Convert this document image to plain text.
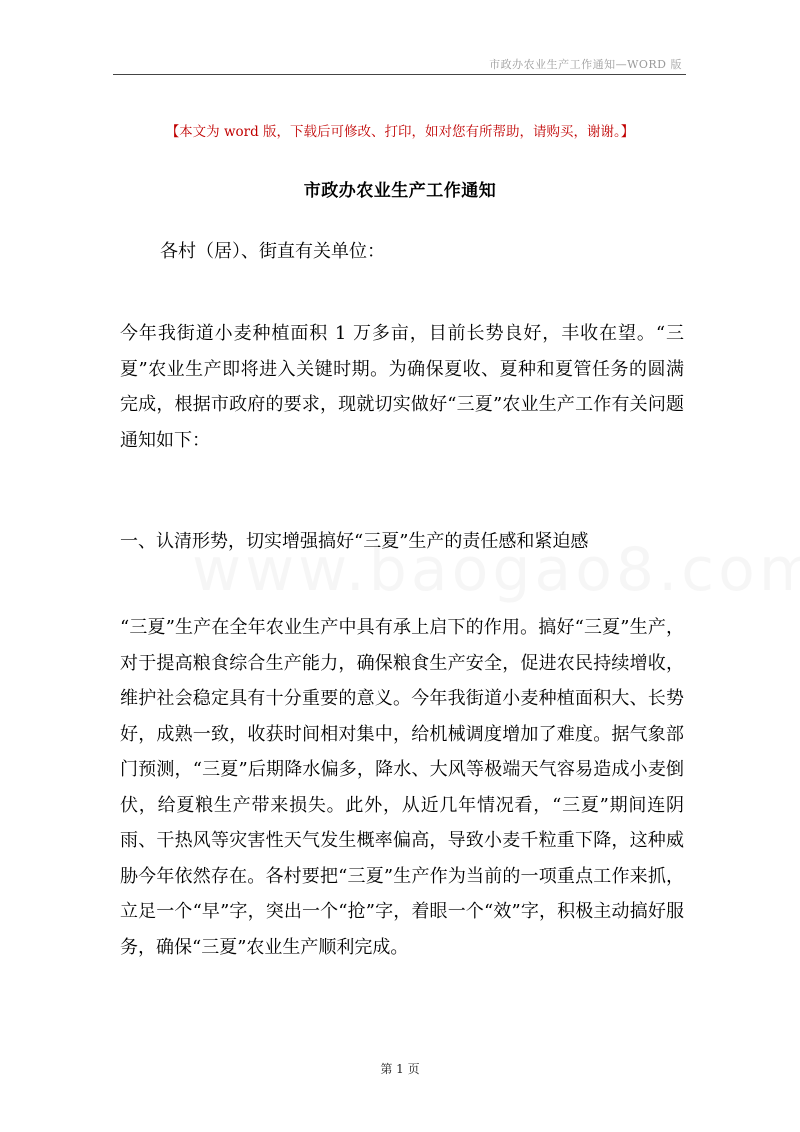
市政办农业生产工作通知—WORD 版
【本文为 word 版，下载后可修改、打印，如对您有所帮助，请购买，谢谢。】
市政办农业生产工作通知

各村（居）、街直有关单位：

今年我街道小麦种植面积 1 万多亩，目前长势良好，丰收在望。“三夏”农业生产即将进入关键时期。为确保夏收、夏种和夏管任务的圆满完成，根据市政府的要求，现就切实做好“三夏”农业生产工作有关问题通知如下：

一、认清形势，切实增强搞好“三夏”生产的责任感和紧迫感

“三夏”生产在全年农业生产中具有承上启下的作用。搞好“三夏”生产，对于提高粮食综合生产能力，确保粮食生产安全，促进农民持续增收，维护社会稳定具有十分重要的意义。今年我街道小麦种植面积大、长势好，成熟一致，收获时间相对集中，给机械调度增加了难度。据气象部门预测，“三夏”后期降水偏多，降水、大风等极端天气容易造成小麦倒伏，给夏粮生产带来损失。此外，从近几年情况看，“三夏”期间连阴雨、干热风等灾害性天气发生概率偏高，导致小麦千粒重下降，这种威胁今年依然存在。各村要把“三夏”生产作为当前的一项重点工作来抓，立足一个“早”字，突出一个“抢”字，着眼一个“效”字，积极主动搞好服务，确保“三夏”农业生产顺利完成。

第 1 页
